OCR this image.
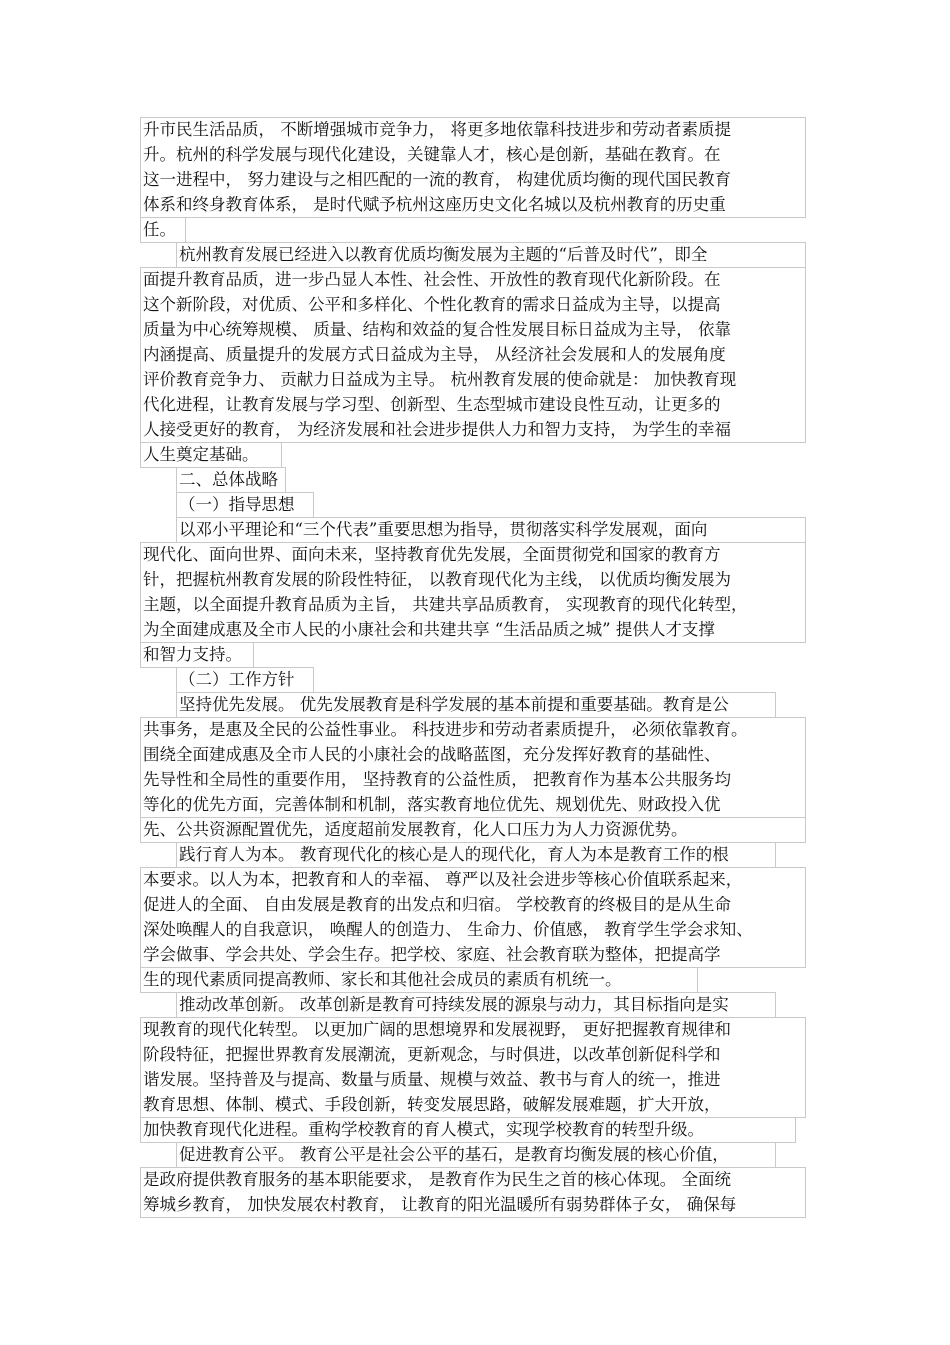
升市民生活品质， 不断增强城市竞争力， 将更多地依靠科技进步和劳动者素质提

升。杭州的科学发展与现代化建设，关键靠人才，核心是创新，基础在教育。在

这一进程中， 努力建设与之相匹配的一流的教育， 构建优质均衡的现代国民教育

体系和终身教育体系， 是时代赋予杭州这座历史文化名城以及杭州教育的历史重

任。

杭州教育发展已经进入以教育优质均衡发展为主题的“后普及时代”，即全

面提升教育品质，进一步凸显人本性、社会性、开放性的教育现代化新阶段。在

这个新阶段，对优质、公平和多样化、个性化教育的需求日益成为主导，以提高

质量为中心统筹规模、 质量、结构和效益的复合性发展目标日益成为主导， 依靠

内涵提高、质量提升的发展方式日益成为主导， 从经济社会发展和人的发展角度

评价教育竞争力、 贡献力日益成为主导。 杭州教育发展的使命就是： 加快教育现

代化进程，让教育发展与学习型、创新型、生态型城市建设良性互动，让更多的

人接受更好的教育， 为经济发展和社会进步提供人力和智力支持， 为学生的幸福

人生奠定基础。

二、总体战略

（一）指导思想

以邓小平理论和“三个代表”重要思想为指导，贯彻落实科学发展观，面向

现代化、面向世界、面向未来，坚持教育优先发展，全面贯彻党和国家的教育方

针，把握杭州教育发展的阶段性特征， 以教育现代化为主线， 以优质均衡发展为

主题，以全面提升教育品质为主旨， 共建共享品质教育， 实现教育的现代化转型，

为全面建成惠及全市人民的小康社会和共建共享 “生活品质之城” 提供人才支撑

和智力支持。

（二）工作方针

坚持优先发展。 优先发展教育是科学发展的基本前提和重要基础。教育是公

共事务，是惠及全民的公益性事业。 科技进步和劳动者素质提升， 必须依靠教育。

围绕全面建成惠及全市人民的小康社会的战略蓝图，充分发挥好教育的基础性、

先导性和全局性的重要作用， 坚持教育的公益性质， 把教育作为基本公共服务均

等化的优先方面，完善体制和机制，落实教育地位优先、规划优先、财政投入优

先、公共资源配置优先，适度超前发展教育，化人口压力为人力资源优势。

践行育人为本。 教育现代化的核心是人的现代化，育人为本是教育工作的根

本要求。以人为本，把教育和人的幸福、 尊严以及社会进步等核心价值联系起来，

促进人的全面、 自由发展是教育的出发点和归宿。 学校教育的终极目的是从生命

深处唤醒人的自我意识， 唤醒人的创造力、 生命力、价值感， 教育学生学会求知、

学会做事、学会共处、学会生存。把学校、家庭、社会教育联为整体，把提高学

生的现代素质同提高教师、家长和其他社会成员的素质有机统一。

推动改革创新。 改革创新是教育可持续发展的源泉与动力，其目标指向是实

现教育的现代化转型。 以更加广阔的思想境界和发展视野， 更好把握教育规律和

阶段特征，把握世界教育发展潮流，更新观念，与时俱进，以改革创新促科学和

谐发展。坚持普及与提高、数量与质量、规模与效益、教书与育人的统一，推进

教育思想、体制、模式、手段创新，转变发展思路，破解发展难题，扩大开放，

加快教育现代化进程。重构学校教育的育人模式，实现学校教育的转型升级。

促进教育公平。 教育公平是社会公平的基石，是教育均衡发展的核心价值，

是政府提供教育服务的基本职能要求， 是教育作为民生之首的核心体现。 全面统

筹城乡教育， 加快发展农村教育， 让教育的阳光温暖所有弱势群体子女， 确保每
